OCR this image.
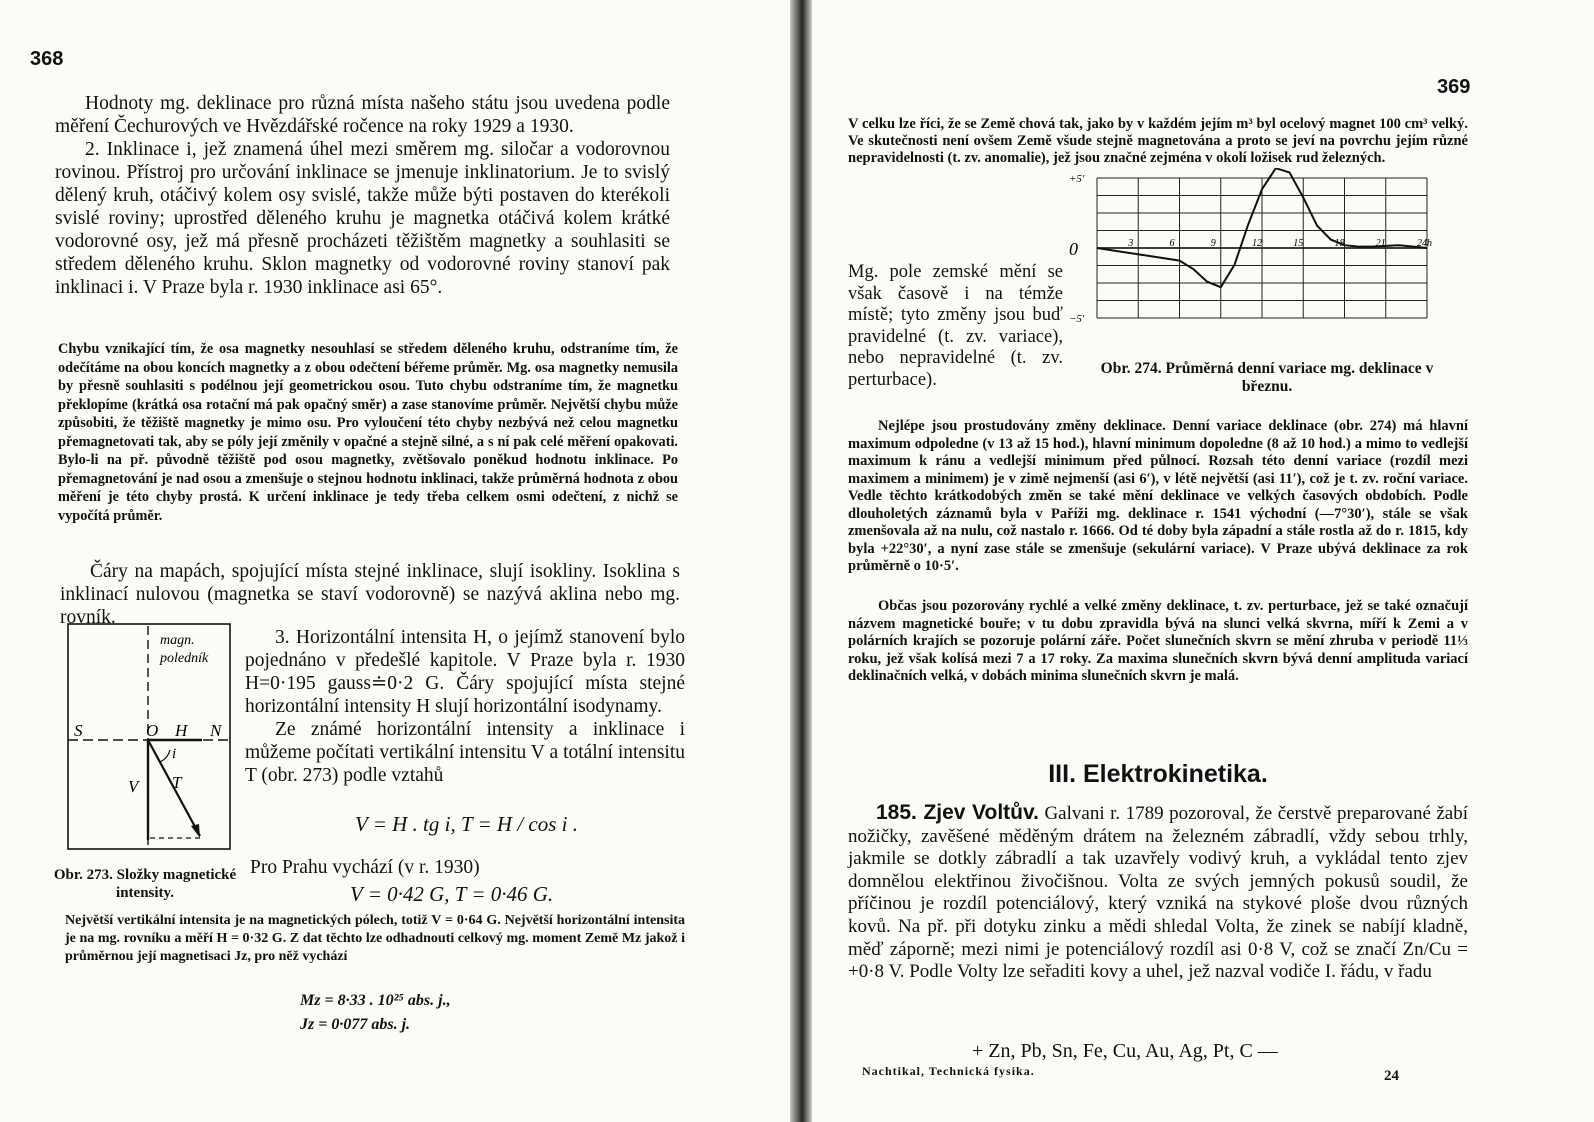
368

Hodnoty mg. deklinace pro různá místa našeho státu jsou uvedena podle měření Čechurových ve Hvězdářské ročence na roky 1929 a 1930.

2. Inklinace i, jež znamená úhel mezi směrem mg. siločar a vodorovnou rovinou. Přístroj pro určování inklinace se jmenuje inklinatorium. Je to svislý dělený kruh, otáčivý kolem osy svislé, takže může býti postaven do kterékoli svislé roviny; uprostřed děleného kruhu je magnetka otáčivá kolem krátké vodorovné osy, jež má přesně procházeti těžištěm magnetky a souhlasiti se středem děleného kruhu. Sklon magnetky od vodorovné roviny stanoví pak inklinaci i. V Praze byla r. 1930 inklinace asi 65°.

Chybu vznikající tím, že osa magnetky nesouhlasí se středem děleného kruhu, odstraníme tím, že odečítáme na obou koncích magnetky a z obou odečtení béřeme průměr. Mg. osa magnetky nemusila by přesně souhlasiti s podélnou její geometrickou osou. Tuto chybu odstraníme tím, že magnetku překlopíme (krátká osa rotační má pak opačný směr) a zase stanovíme průměr. Největší chybu může způsobiti, že těžiště magnetky je mimo osu. Pro vyloučení této chyby nezbývá než celou magnetku přemagnetovati tak, aby se póly její změnily v opačné a stejně silné, a s ní pak celé měření opakovati. Bylo-li na př. původně těžiště pod osou magnetky, zvětšovalo poněkud hodnotu inklinace. Po přemagnetování je nad osou a zmenšuje o stejnou hodnotu inklinaci, takže průměrná hodnota z obou měření je této chyby prostá. K určení inklinace je tedy třeba celkem osmi odečtení, z nichž se vypočítá průměr.

Čáry na mapách, spojující místa stejné inklinace, slují isokliny. Isoklina s inklinací nulovou (magnetka se staví vodorovně) se nazývá aklina nebo mg. rovník.

magn.
poledník
S	O H N
i
V T
Obr. 273. Složky magnetické intensity.

3. Horizontální intensita H, o jejímž stanovení bylo pojednáno v předešlé kapitole. V Praze byla r. 1930 H=0·195 gauss≐0·2 G. Čáry spojující místa stejné horizontální intensity H slují horizontální isodynamy.

Ze známé horizontální intensity a inklinace i můžeme počítati vertikální intensitu V a totální intensitu T (obr. 273) podle vztahů

V = H . tg i, T = H / cos i .
Pro Prahu vychází (v r. 1930)
V = 0·42 G, T = 0·46 G.
Největší vertikální intensita je na magnetických pólech, totiž V = 0·64 G. Největší horizontální intensita je na mg. rovníku a měří H = 0·32 G. Z dat těchto lze odhadnouti celkový mg. moment Země Mz jakož i průměrnou její magnetisaci Jz, pro něž vychází
Mz = 8·33 . 10²⁵ abs. j.,
Jz = 0·077 abs. j.
369
V celku lze říci, že se Země chová tak, jako by v každém jejím m³ byl ocelový magnet 100 cm³ velký. Ve skutečnosti není ovšem Země všude stejně magnetována a proto se jeví na povrchu jejím různé nepravidelnosti (t. zv. anomalie), jež jsou značné zejména v okolí ložisek rud železných.
+5′
0
−5′
3	6	9	12	15	18	21	24h
Obr. 274. Průměrná denní variace mg. deklinace v březnu.
Mg. pole zemské mění se však časově i na témže místě; tyto změny jsou buď pravidelné (t. zv. variace), nebo nepravidelné (t. zv. perturbace).
Nejlépe jsou prostudovány změny deklinace. Denní variace deklinace (obr. 274) má hlavní maximum odpoledne (v 13 až 15 hod.), hlavní minimum dopoledne (8 až 10 hod.) a mimo to vedlejší maximum k ránu a vedlejší minimum před půlnocí. Rozsah této denní variace (rozdíl mezi maximem a minimem) je v zimě nejmenší (asi 6′), v létě největší (asi 11′), což je t. zv. roční variace. Vedle těchto krátkodobých změn se také mění deklinace ve velkých časových obdobích. Podle dlouholetých záznamů byla v Paříži mg. deklinace r. 1541 východní (—7°30′), stále se však zmenšovala až na nulu, což nastalo r. 1666. Od té doby byla západní a stále rostla až do r. 1815, kdy byla +22°30′, a nyní zase stále se zmenšuje (sekulární variace). V Praze ubývá deklinace za rok průměrně o 10·5′.
Občas jsou pozorovány rychlé a velké změny deklinace, t. zv. perturbace, jež se také označují názvem magnetické bouře; v tu dobu zpravidla bývá na slunci velká skvrna, míří k Zemi a v polárních krajích se pozoruje polární záře. Počet slunečních skvrn se mění zhruba v periodě 11⅓ roku, jež však kolísá mezi 7 a 17 roky. Za maxima slunečních skvrn bývá denní amplituda variací deklinačních velká, v dobách minima slunečních skvrn je malá.
III. Elektrokinetika.
185. Zjev Voltův. Galvani r. 1789 pozoroval, že čerstvě preparované žabí nožičky, zavěšené měděným drátem na železném zábradlí, vždy sebou trhly, jakmile se dotkly zábradlí a tak uzavřely vodivý kruh, a vykládal tento zjev domnělou elektřinou živočišnou. Volta ze svých jemných pokusů soudil, že příčinou je rozdíl potenciálový, který vzniká na stykové ploše dvou různých kovů. Na př. při dotyku zinku a mědi shledal Volta, že zinek se nabíjí kladně, měď záporně; mezi nimi je potenciálový rozdíl asi 0·8 V, což se značí Zn/Cu = +0·8 V. Podle Volty lze seřaditi kovy a uhel, jež nazval vodiče I. řádu, v řadu
+ Zn, Pb, Sn, Fe, Cu, Au, Ag, Pt, C —
Nachtikal, Technická fysika.	24
